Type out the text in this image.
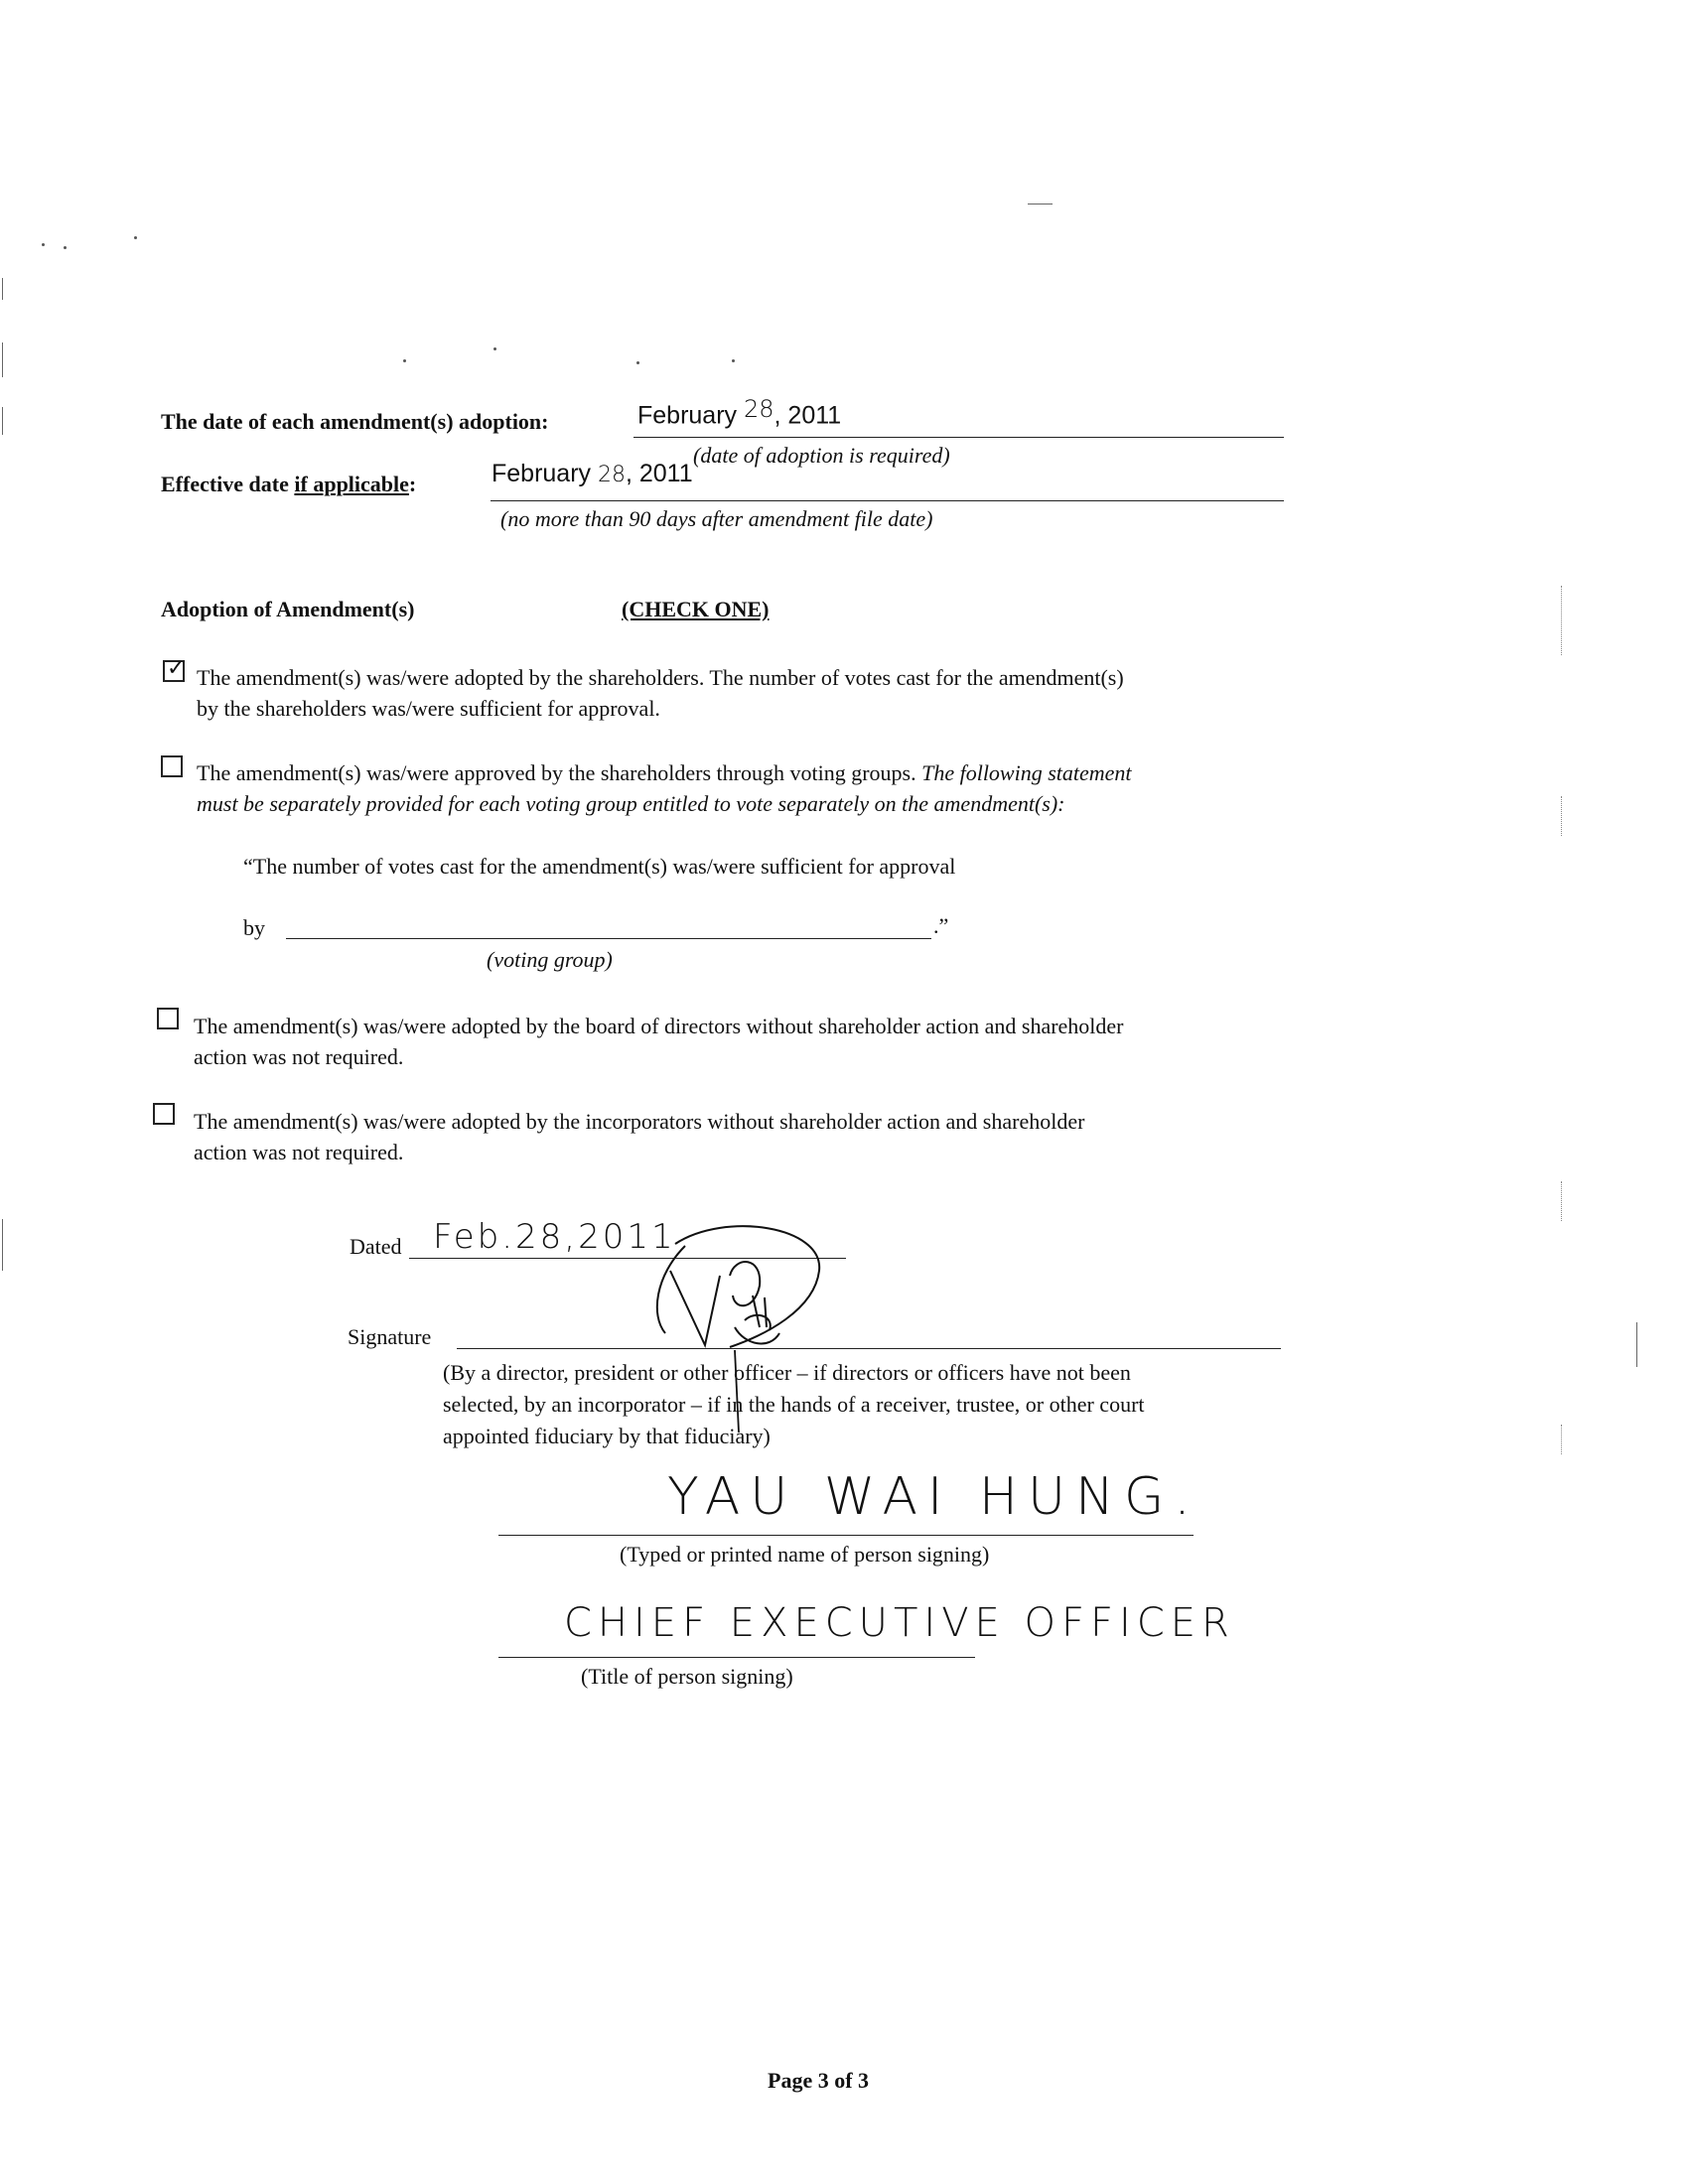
The date of each amendment(s) adoption:	February $^{28}$, 2011
(date of adoption is required)
Effective date if applicable:	February 28, 2011
(no more than 90 days after amendment file date)
Adoption of Amendment(s)	(CHECK ONE)
✓ The amendment(s) was/were adopted by the shareholders. The number of votes cast for the amendment(s)
by the shareholders was/were sufficient for approval.
The amendment(s) was/were approved by the shareholders through voting groups. The following statement
must be separately provided for each voting group entitled to vote separately on the amendment(s):
“The number of votes cast for the amendment(s) was/were sufficient for approval
by	.”
(voting group)
The amendment(s) was/were adopted by the board of directors without shareholder action and shareholder
action was not required.
The amendment(s) was/were adopted by the incorporators without shareholder action and shareholder
action was not required.
Dated Feb.28,2011
Signature
(By a director, president or other officer – if directors or officers have not been
selected, by an incorporator – if in the hands of a receiver, trustee, or other court
appointed fiduciary by that fiduciary)
YAU WAI HUNG.
(Typed or printed name of person signing)
CHIEF EXECUTIVE OFFICER
(Title of person signing)
Page 3 of 3
